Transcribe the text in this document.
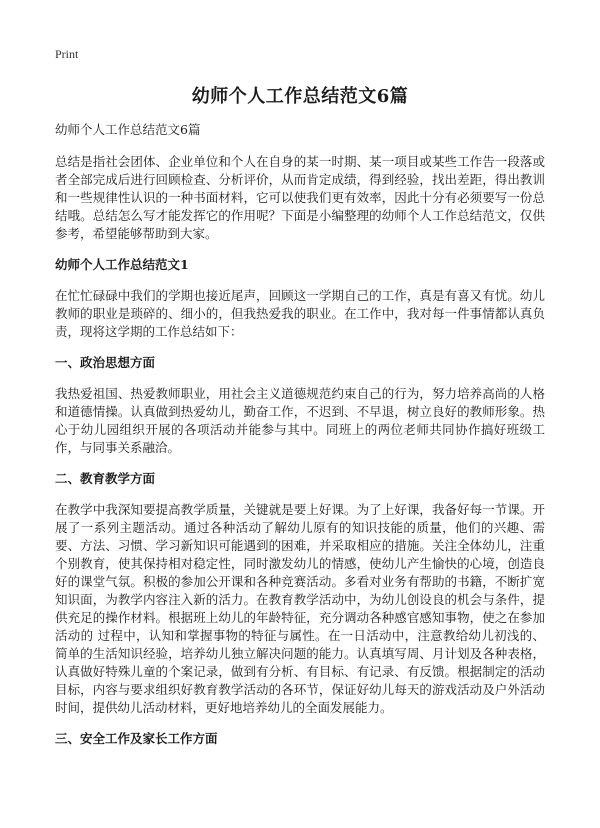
Print
幼师个人工作总结范文6篇
幼师个人工作总结范文6篇

总结是指社会团体、企业单位和个人在自身的某一时期、某一项目或某些工作告一段落或者全部完成后进行回顾检查、分析评价，从而肯定成绩，得到经验，找出差距，得出教训和一些规律性认识的一种书面材料，它可以使我们更有效率，因此十分有必须要写一份总结哦。总结怎么写才能发挥它的作用呢？下面是小编整理的幼师个人工作总结范文，仅供参考，希望能够帮助到大家。

幼师个人工作总结范文1

在忙忙碌碌中我们的学期也接近尾声，回顾这一学期自己的工作，真是有喜又有忧。幼儿教师的职业是琐碎的、细小的，但我热爱我的职业。在工作中，我对每一件事情都认真负责，现将这学期的工作总结如下：

一、政治思想方面

我热爱祖国、热爱教师职业，用社会主义道德规范约束自己的行为，努力培养高尚的人格和道德情操。认真做到热爱幼儿，勤奋工作，不迟到、不早退，树立良好的教师形象。热心于幼儿园组织开展的各项活动并能参与其中。同班上的两位老师共同协作搞好班级工作，与同事关系融洽。

二、教育教学方面

在教学中我深知要提高教学质量，关键就是要上好课。为了上好课，我备好每一节课。开展了一系列主题活动。通过各种活动了解幼儿原有的知识技能的质量，他们的兴趣、需要、方法、习惯、学习新知识可能遇到的困难，并采取相应的措施。关注全体幼儿，注重个别教育，使其保持相对稳定性，同时激发幼儿的情感，使幼儿产生愉快的心境，创造良好的课堂气氛。积极的参加公开课和各种竞赛活动。多看对业务有帮助的书籍，不断扩宽知识面，为教学内容注入新的活力。在教育教学活动中，为幼儿创设良的机会与条件，提供充足的操作材料。根据班上幼儿的年龄特征，充分调动各种感官感知事物，使之在参加活动的 过程中，认知和掌握事物的特征与属性。在一日活动中，注意教给幼儿初浅的、简单的生活知识经验，培养幼儿独立解决问题的能力。认真填写周、月计划及各种表格，认真做好特殊儿童的个案记录，做到有分析、有目标、有记录、有反馈。根据制定的活动目标，内容与要求组织好教育教学活动的各环节，保证好幼儿每天的游戏活动及户外活动时间，提供幼儿活动材料，更好地培养幼儿的全面发展能力。

三、安全工作及家长工作方面
